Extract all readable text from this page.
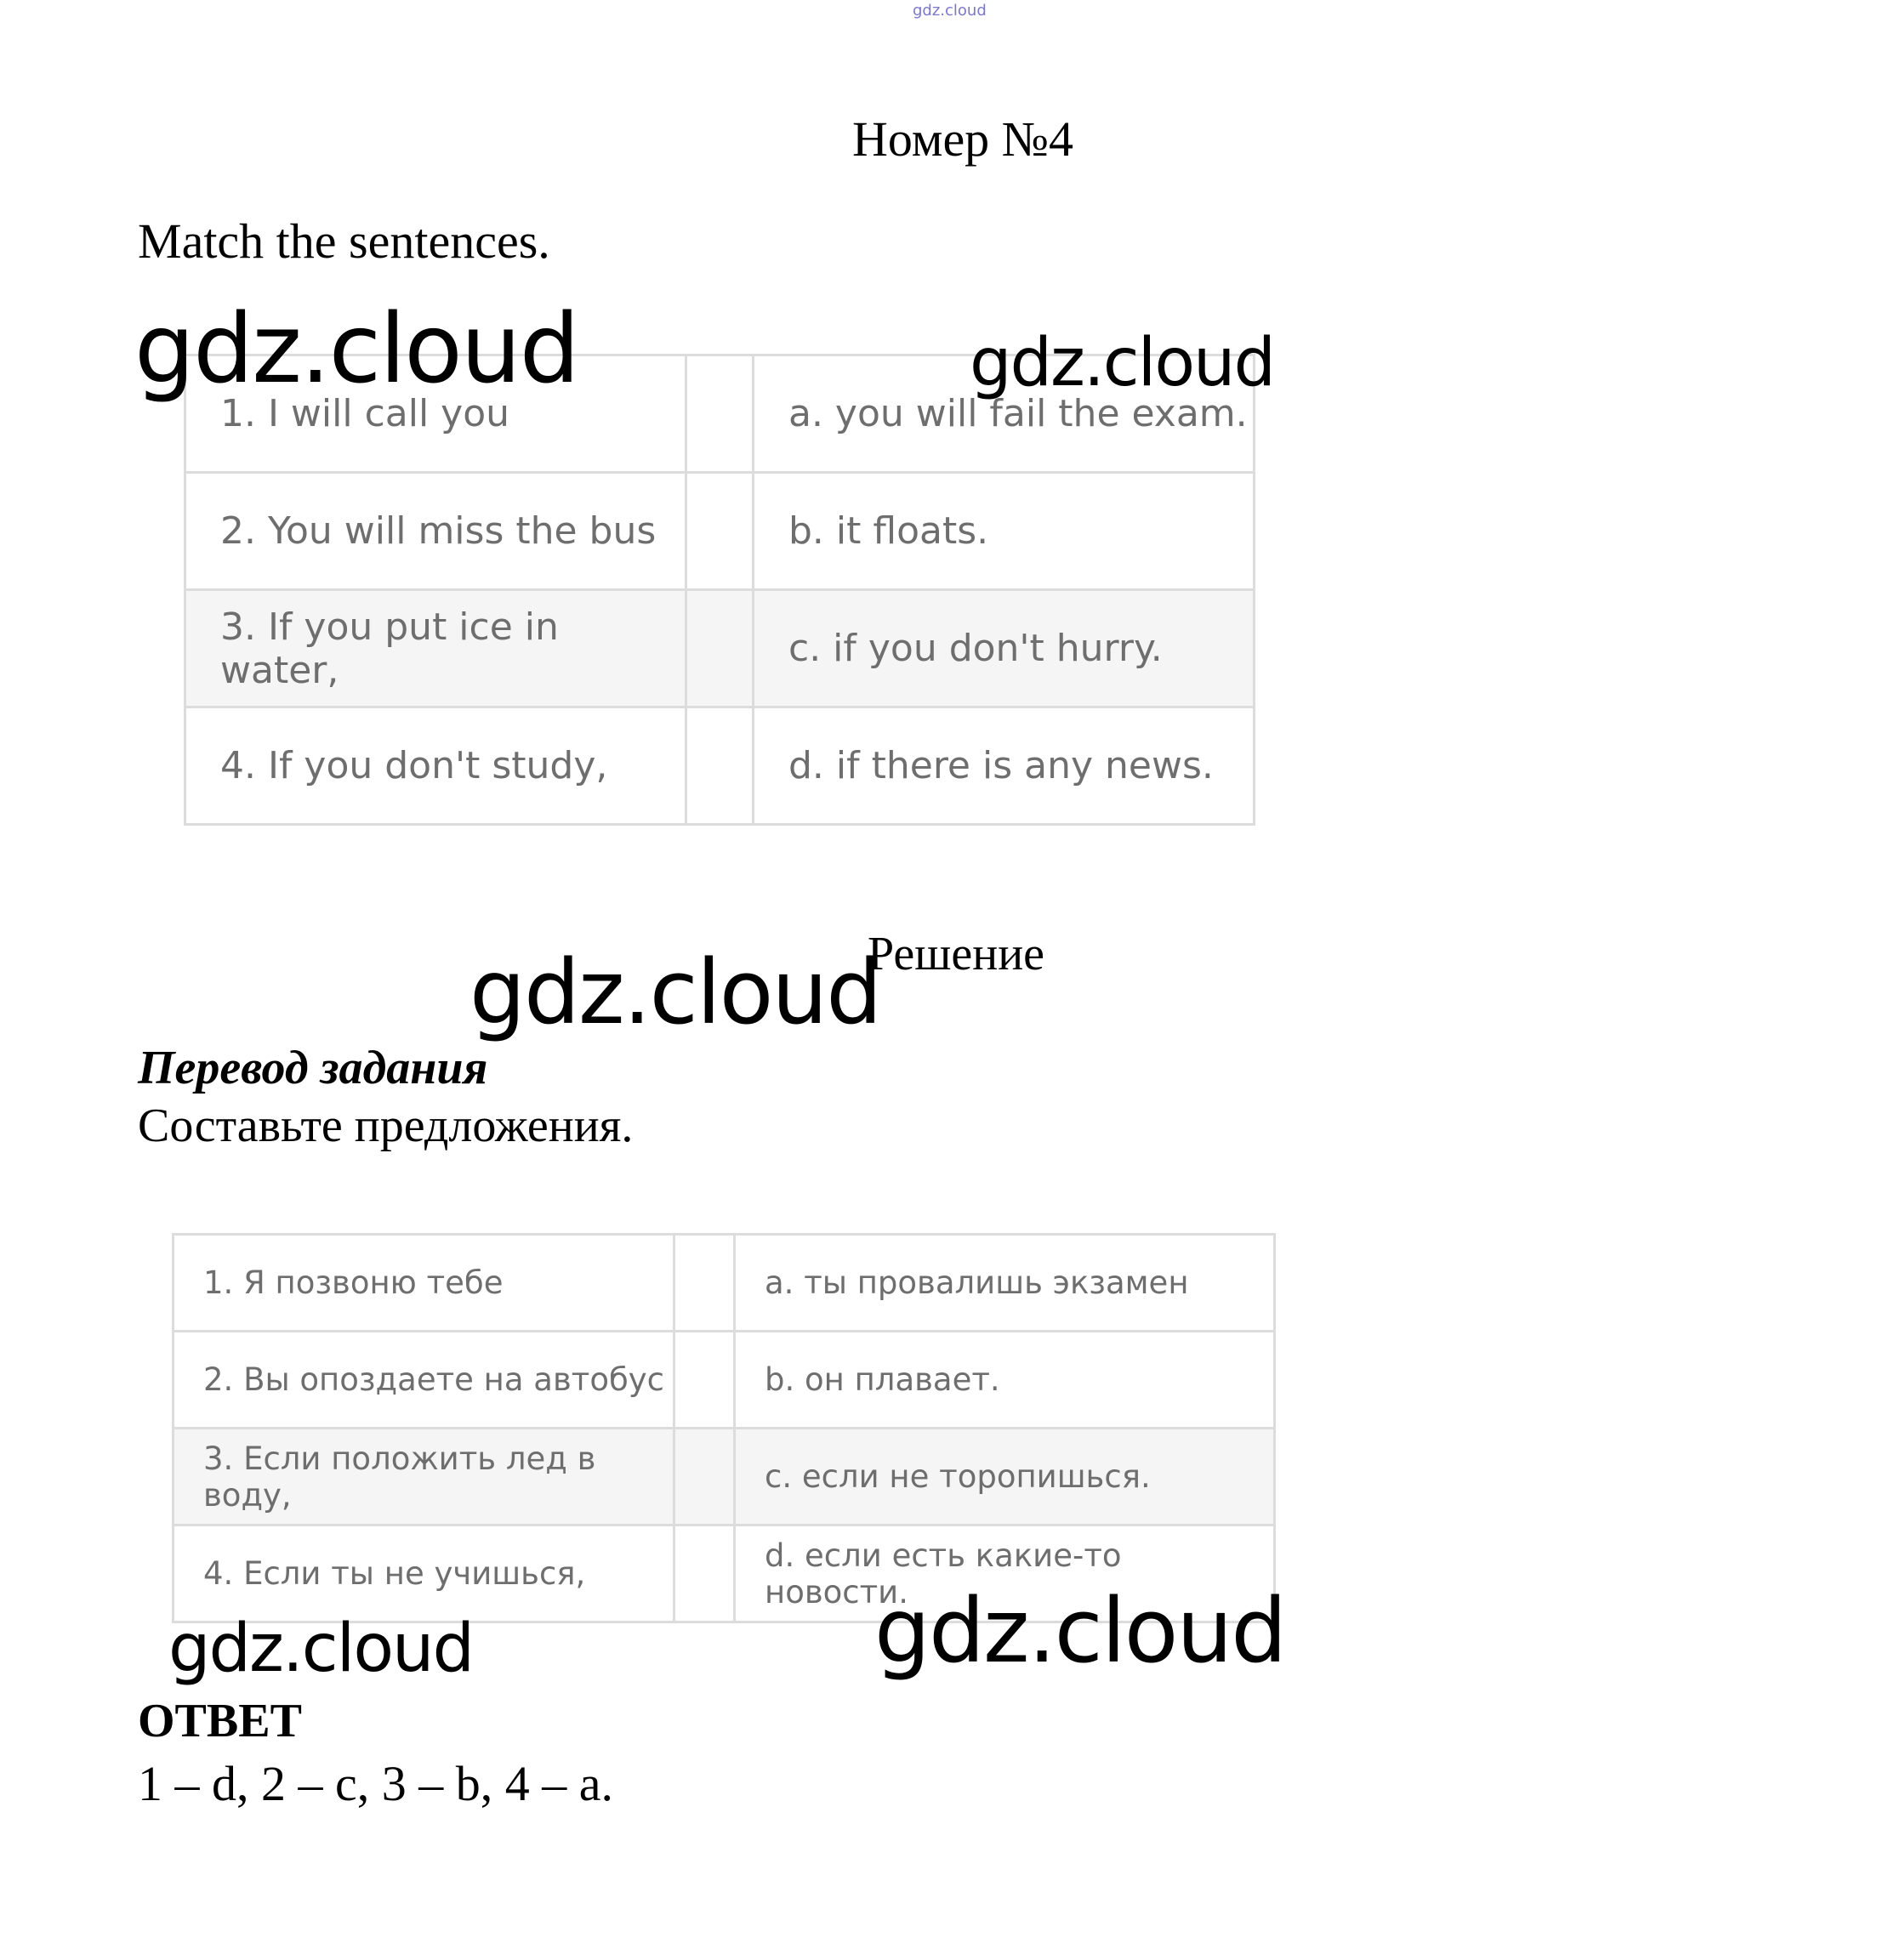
gdz.cloud
Номер №4
Match the sentences.
1. I will call you		a. you will fail the exam.
2. You will miss the bus		b. it floats.
3. If you put ice in water,		c. if you don't hurry.
4. If you don't study,		d. if there is any news.
Решение
Перевод задания
Составьте предложения.
1. Я позвоню тебе		a. ты провалишь экзамен
2. Вы опоздаете на автобус		b. он плавает.
3. Если положить лед в воду,		c. если не торопишься.
4. Если ты не учишься,		d. если есть какие-то новости.
ОТВЕТ
1 – d, 2 – c, 3 – b, 4 – a.
gdz.cloud	gdz.cloud
gdz.cloud
gdz.cloud	gdz.cloud
